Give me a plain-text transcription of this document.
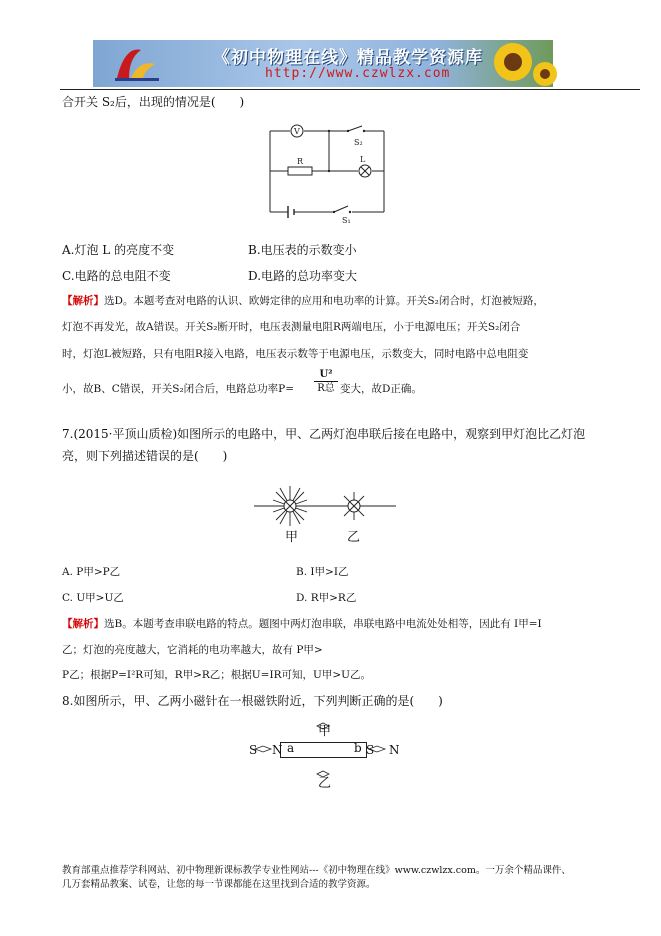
《初中物理在线》精品教学资源库
http://www.czwlzx.com
合开关 S₂后，出现的情况是(　　)
V
S₂
R	L
S₁
A.灯泡 L 的亮度不变	B.电压表的示数变小
C.电路的总电阻不变	D.电路的总功率变大
【解析】选D。本题考查对电路的认识、欧姆定律的应用和电功率的计算。开关S₂闭合时，灯泡被短路，
灯泡不再发光，故A错误。开关S₂断开时，电压表测量电阻R两端电压，小于电源电压；开关S₂闭合
时，灯泡L被短路，只有电阻R接入电路，电压表示数等于电源电压，示数变大，同时电路中总电阻变
小，故B、C错误，开关S₂闭合后，电路总功率P=
U²
R总 变大，故D正确。
7.(2015·平顶山质检)如图所示的电路中，甲、乙两灯泡串联后接在电路中，观察到甲灯泡比乙灯泡
亮，则下列描述错误的是(　　)
甲	乙
A. P甲>P乙	B. I甲>I乙
C. U甲>U乙	D. R甲>R乙
【解析】选B。本题考查串联电路的特点。题图中两灯泡串联，串联电路中电流处处相等，因此有 I甲=I
乙；灯泡的亮度越大，它消耗的电功率越大，故有 P甲>
P乙；根据P=I²R可知，R甲>R乙；根据U=IR可知，U甲>U乙。
8.如图所示，甲、乙两小磁针在一根磁铁附近，下列判断正确的是(　　)
S N a	b S N
甲
乙
教育部重点推荐学科网站、初中物理新课标教学专业性网站---《初中物理在线》www.czwlzx.com。一万余个精品课件、
几万套精品教案、试卷，让您的每一节课都能在这里找到合适的教学资源。
